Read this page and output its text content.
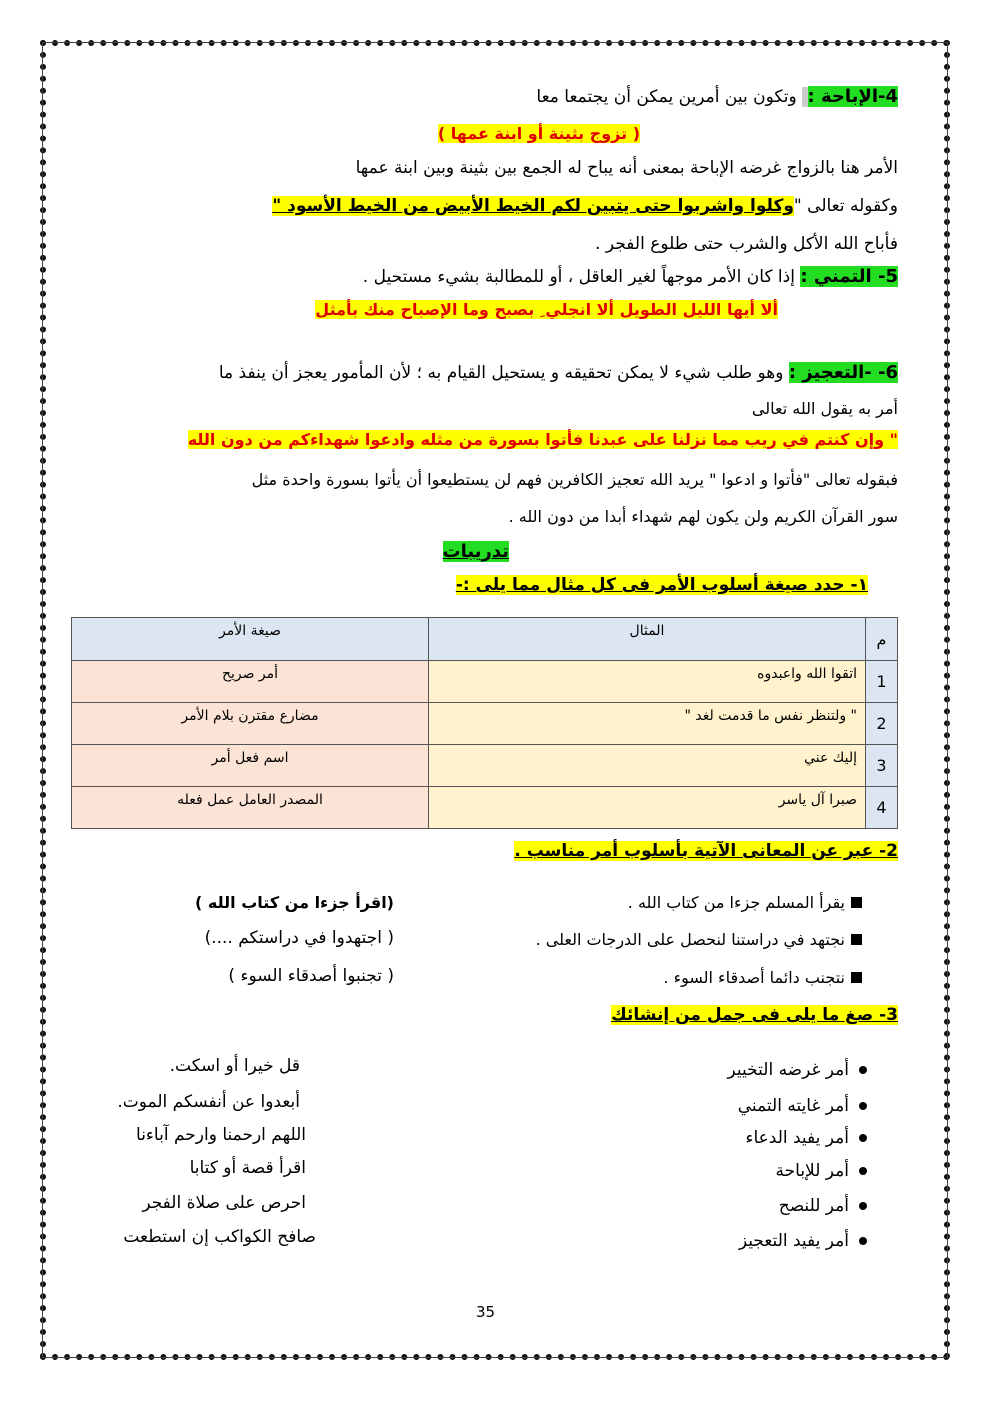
4-الإباحة :  وتكون بين أمرين يمكن أن يجتمعا معا
( تزوج بثينة أو ابنة عمها )
الأمر هنا بالزواج غرضه الإباحة بمعنى أنه يباح له الجمع بين بثينة وبين ابنة عمها
وكقوله تعالى "وكلوا واشربوا حتى يتبين لكم الخيط الأبيض من الخيط الأسود "
فأباح الله الأكل والشرب حتى طلوع الفجر .
5- التمني : إذا كان الأمر موجهاً لغير العاقل ، أو للمطالبة بشيء مستحيل .
ألا أيها الليل الطويل ألا انجلي ِ بصبح وما الإصباح منك بأمثل
6- -التعجيز : وهو طلب شيء لا يمكن تحقيقه و يستحيل القيام به ؛ لأن المأمور يعجز أن ينفذ ما
أمر به يقول الله تعالى
" وإن كنتم في ريب مما نزلنا على عبدنا فأتوا بسورة من مثله وادعوا شهداءكم من دون الله
فبقوله تعالى "فأتوا و ادعوا " يريد الله تعجيز الكافرين فهم لن يستطيعوا أن يأتوا بسورة واحدة مثل
سور القرآن الكريم ولن يكون لهم شهداء أبدا من دون الله .
تدريبات
١- حدد صيغة أسلوب الأمر فى كل مثال مما يلى :-
م	المثال	صيغة الأمر
1	اتقوا الله واعبدوه	أمر صريح
2	" ولتنظر نفس ما قدمت لغد "	مضارع مقترن بلام الأمر
3	إليك عني	اسم فعل أمر
4	صبرا آل ياسر	المصدر العامل عمل فعله
2- عبر عن المعانى الآتية بأسلوب أمر مناسب .
يقرأ المسلم جزءا من كتاب الله .
(اقرأ جزءا من كتاب الله )
نجتهد في دراستنا لنحصل على الدرجات العلى .
( اجتهدوا في دراستكم ....)
نتجنب دائما أصدقاء السوء .
( تجنبوا أصدقاء السوء )
3- صغ ما يلى فى جمل من إنشائك
أمر غرضه التخيير
قل خيرا أو اسكت.
أمر غايته التمني
أبعدوا عن أنفسكم الموت.
أمر يفيد الدعاء
اللهم ارحمنا وارحم آباءنا
أمر للإباحة
اقرأ قصة أو كتابا
أمر للنصح
احرص على صلاة الفجر
أمر يفيد التعجيز
صافح الكواكب إن استطعت
35
